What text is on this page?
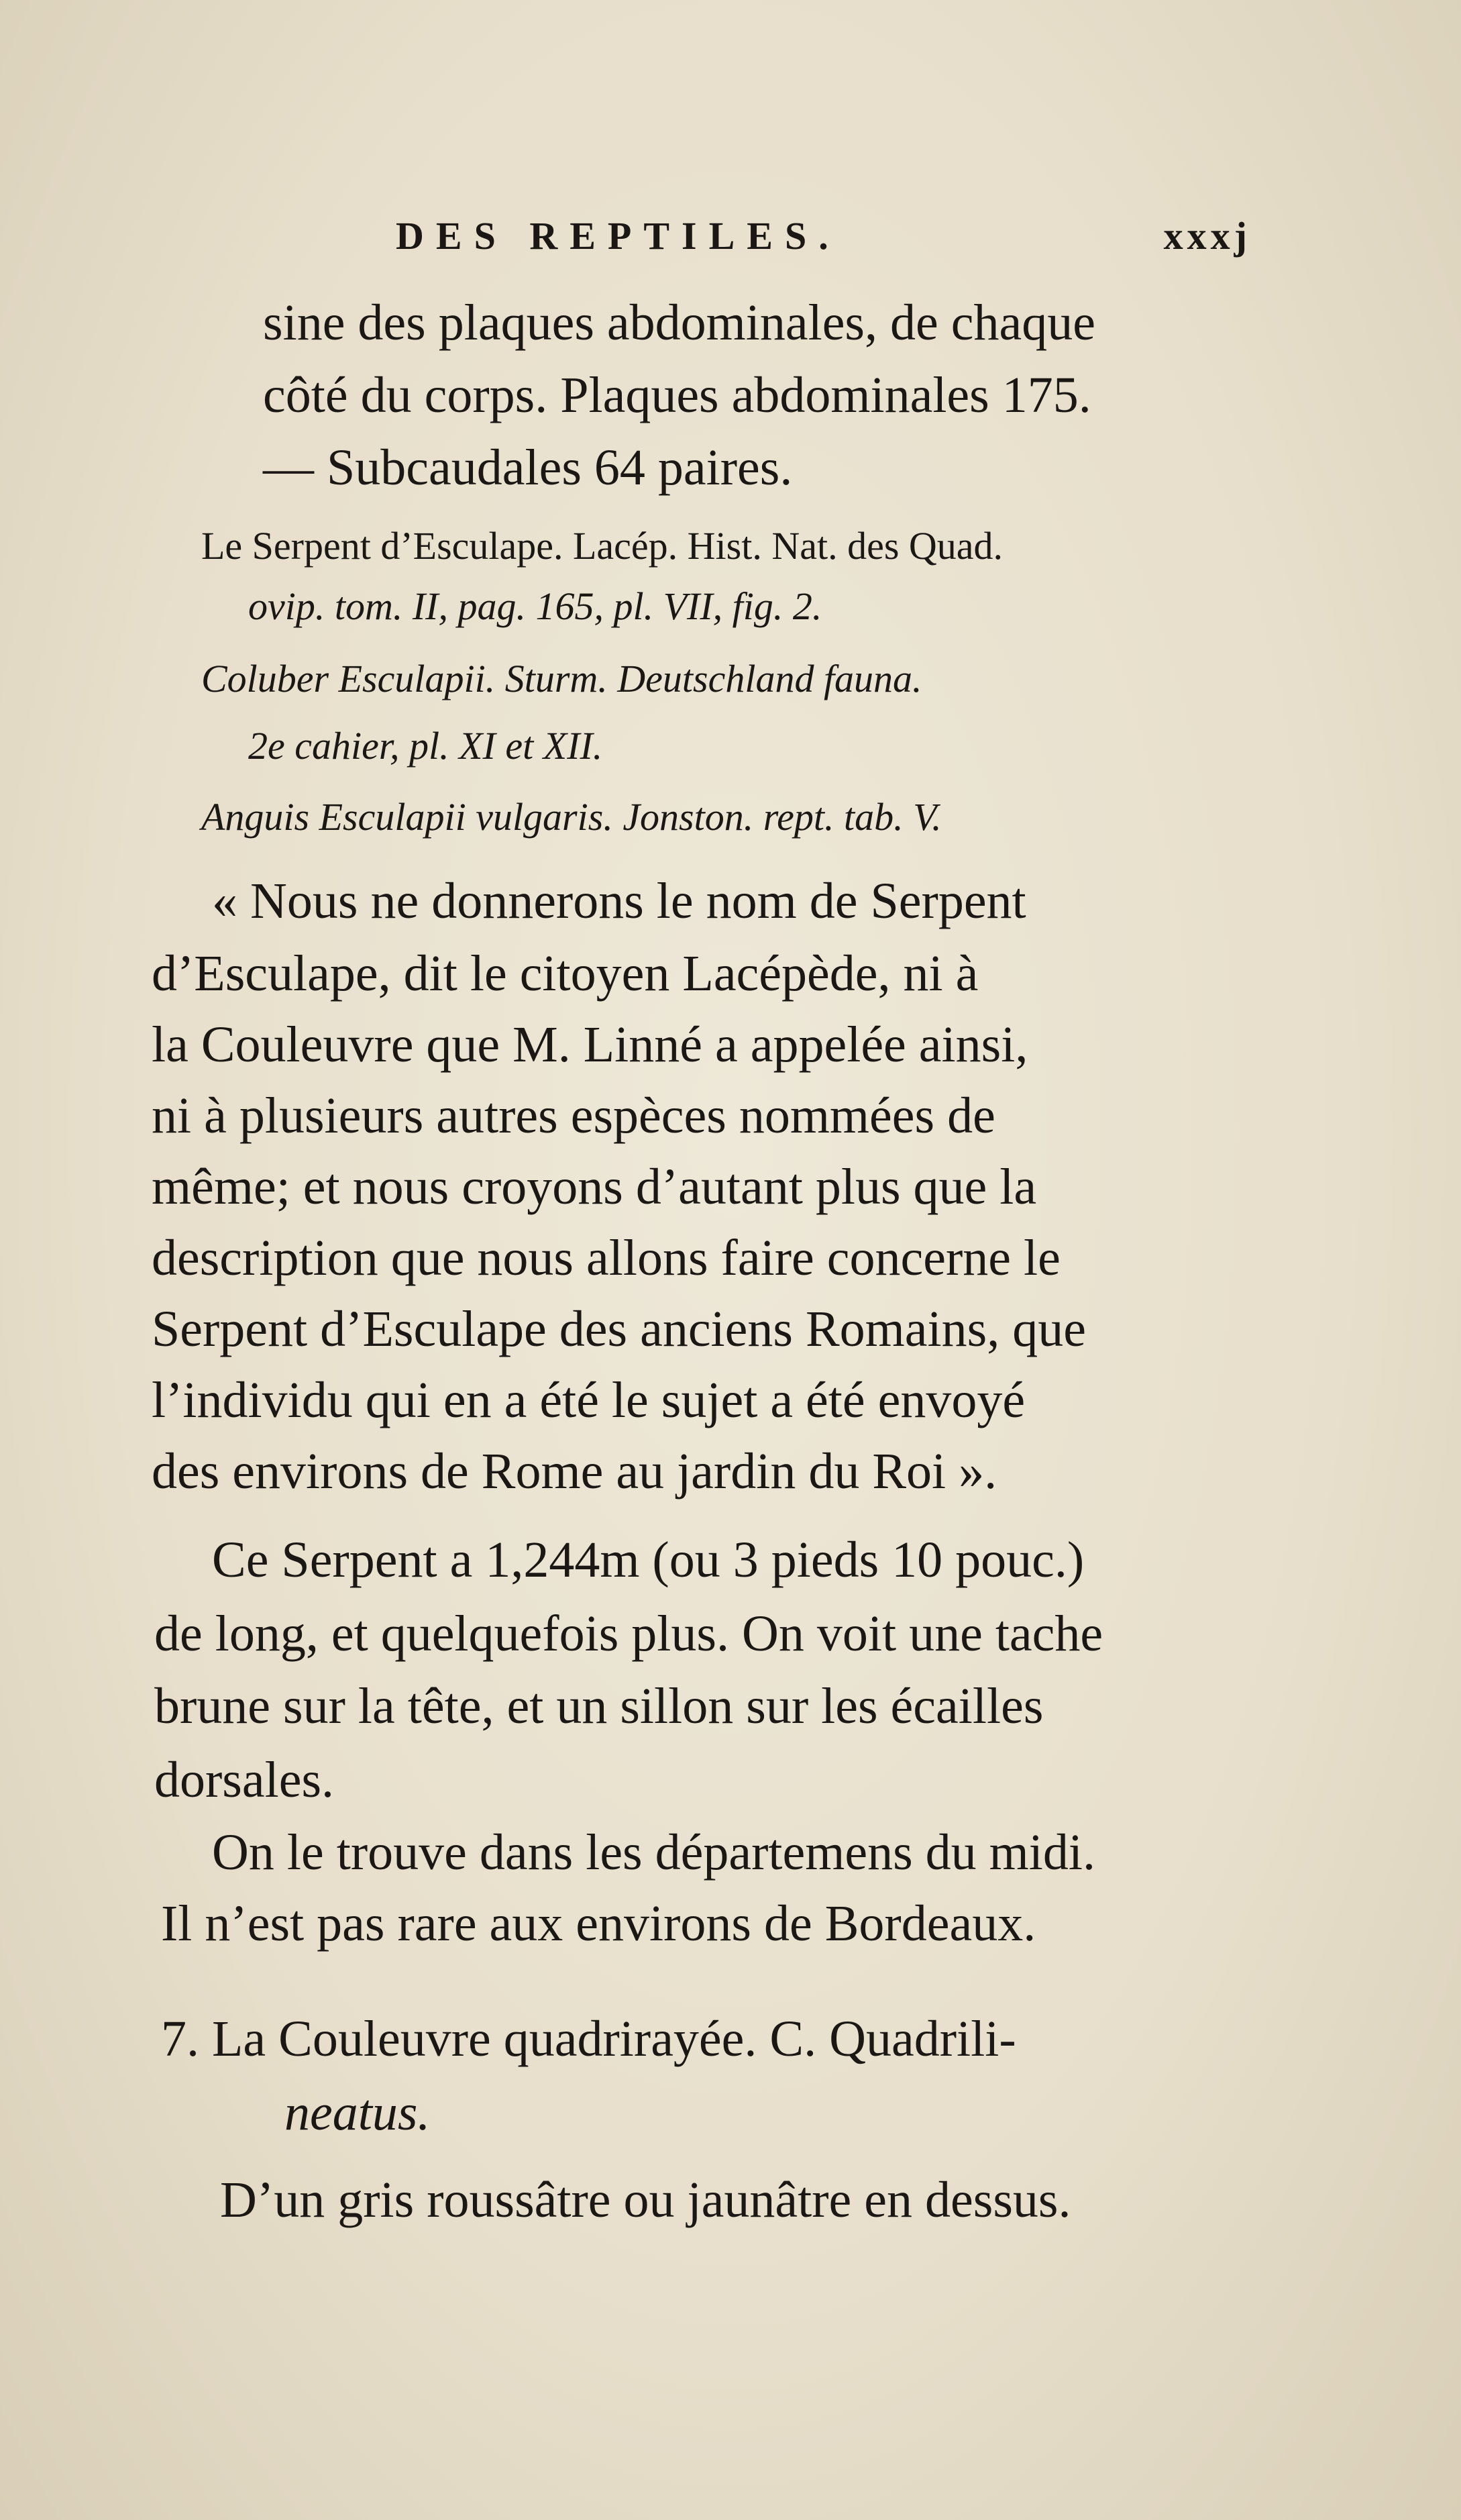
DES REPTILES.	xxxj
sine des plaques abdominales, de chaque
côté du corps. Plaques abdominales 175.
— Subcaudales 64 paires.
Le Serpent d’Esculape. Lacép. Hist. Nat. des Quad.
ovip. tom. II, pag. 165, pl. VII, fig. 2.
Coluber Esculapii. Sturm. Deutschland fauna.
2e cahier, pl. XI et XII.
Anguis Esculapii vulgaris. Jonston. rept. tab. V.
« Nous ne donnerons le nom de Serpent
d’Esculape, dit le citoyen Lacépède, ni à
la Couleuvre que M. Linné a appelée ainsi,
ni à plusieurs autres espèces nommées de
même; et nous croyons d’autant plus que la
description que nous allons faire concerne le
Serpent d’Esculape des anciens Romains, que
l’individu qui en a été le sujet a été envoyé
des environs de Rome au jardin du Roi ».
Ce Serpent a 1,244m (ou 3 pieds 10 pouc.)
de long, et quelquefois plus. On voit une tache
brune sur la tête, et un sillon sur les écailles
dorsales.
On le trouve dans les départemens du midi.
Il n’est pas rare aux environs de Bordeaux.
7. La Couleuvre quadrirayée. C. Quadrili-
neatus.
D’un gris roussâtre ou jaunâtre en dessus.
